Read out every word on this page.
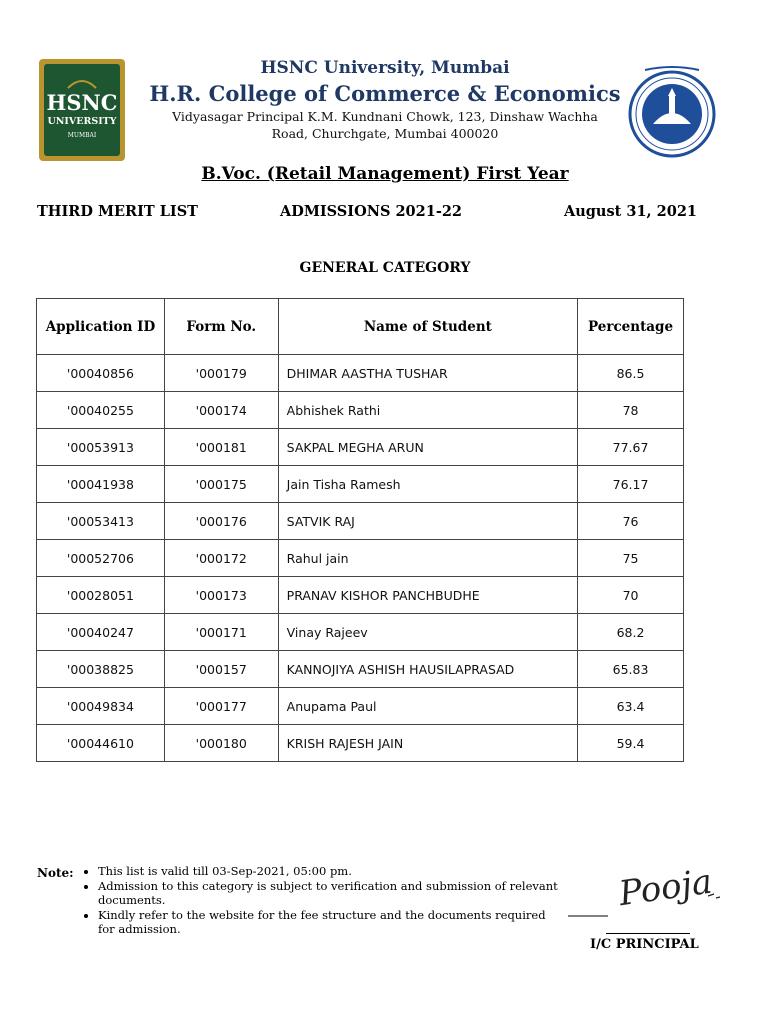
HSNC
UNIVERSITY
MUMBAI
HSNC University, Mumbai
H.R. College of Commerce & Economics
Vidyasagar Principal K.M. Kundnani Chowk, 123, Dinshaw Wachha
Road, Churchgate, Mumbai 400020
B.Voc. (Retail Management) First Year
THIRD MERIT LIST	ADMISSIONS 2021-22	August 31, 2021
GENERAL CATEGORY
Application ID	Form No.	Name of Student	Percentage
'00040856	'000179	DHIMAR AASTHA TUSHAR	86.5
'00040255	'000174	Abhishek Rathi	78
'00053913	'000181	SAKPAL MEGHA ARUN	77.67
'00041938	'000175	Jain Tisha Ramesh	76.17
'00053413	'000176	SATVIK RAJ	76
'00052706	'000172	Rahul jain	75
'00028051	'000173	PRANAV KISHOR PANCHBUDHE	70
'00040247	'000171	Vinay Rajeev	68.2
'00038825	'000157	KANNOJIYA ASHISH HAUSILAPRASAD	65.83
'00049834	'000177	Anupama Paul	63.4
'00044610	'000180	KRISH RAJESH JAIN	59.4
Note: • This list is valid till 03-Sep-2021, 05:00 pm.
• Admission to this category is subject to verification and submission of relevant documents.
• Kindly refer to the website for the fee structure and the documents required for admission.
Pooja
I/C PRINCIPAL
